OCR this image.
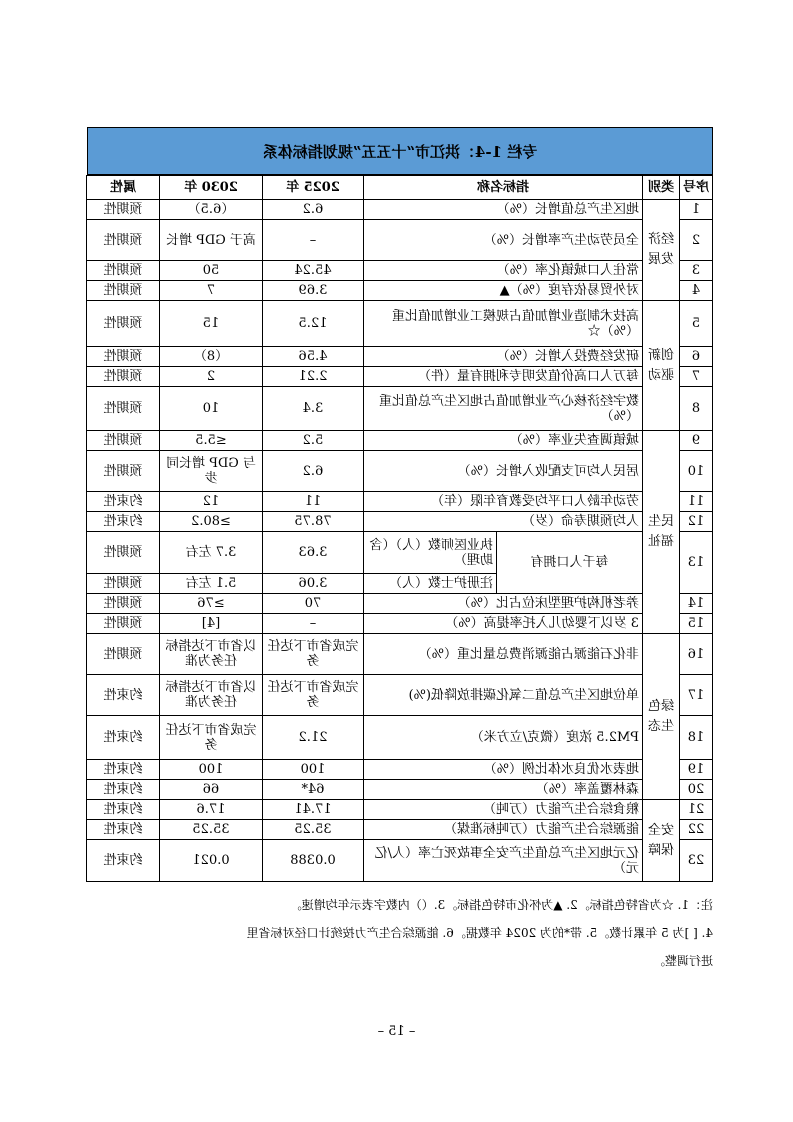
专栏 1-4：洪江市“十五五”规划指标体系
序号	类别	指标名称		2025 年	2030 年	属性
1	经济发展	地区生产总值增长（%）		6.2	（6.5）	预期性
2		全员劳动生产率增长（%）		–	高于 GDP 增长	预期性
3		常住人口城镇化率（%）		45.24	50	预期性
4		对外贸易依存度（%）▲		3.69	7	预期性
5	创新驱动	高技术制造业增加值占规模工业增加值比重（%）☆		12.5	15	预期性
6		研发经费投入增长（%）		4.56	（8）	预期性
7		每万人口高价值发明专利拥有量（件）		2.21	2	预期性
8		数字经济核心产业增加值占地区生产总值比重（%）		3.4	10	预期性
9	民生福祉	城镇调查失业率（%）		5.2	≤5.5	预期性
10		居民人均可支配收入增长（%）		6.2	与 GDP 增长同步	预期性
11		劳动年龄人口平均受教育年限（年）		11	12	约束性
12		人均预期寿命（岁）		78.75	≥80.2	约束性
13		每千人口拥有	执业医师数（人）（含助理）	3.63	3.7 左右	预期性
			注册护士数（人）	3.06	5.1 左右	预期性
14		养老机构护理型床位占比（%）		70	≥76	预期性
15		3 岁以下婴幼儿入托率提高（%）		–	[4]	预期性
16	绿色生态	非化石能源占能源消费总量比重（%）		完成省市下达任务	以省市下达指标任务为准	预期性
17		单位地区生产总值二氧化碳排放降低(%)		完成省市下达任务	以省市下达指标任务为准	约束性
18		PM2.5 浓度（微克/立方米）		21.2	完成省市下达任务	约束性
19		地表水优良水体比例（%）		100	100	约束性
20		森林覆盖率（%）		64*	66	约束性
21	安全保障	粮食综合生产能力（万吨）		17.41	17.6	约束性
22		能源综合生产能力（万吨标准煤）		35.25	35.25	约束性
23		亿元地区生产总值生产安全事故死亡率（人/亿元）		0.0388	0.021	约束性

注：1. ☆为省特色指标。2. ▲为怀化市特色指标。3.（）内数字表示年均增速。

4. [ ]为 5 年累计数。5. 带*的为 2024 年数据。6. 能源综合生产力按统计口径对标省里

进行调整。

– 15 –
